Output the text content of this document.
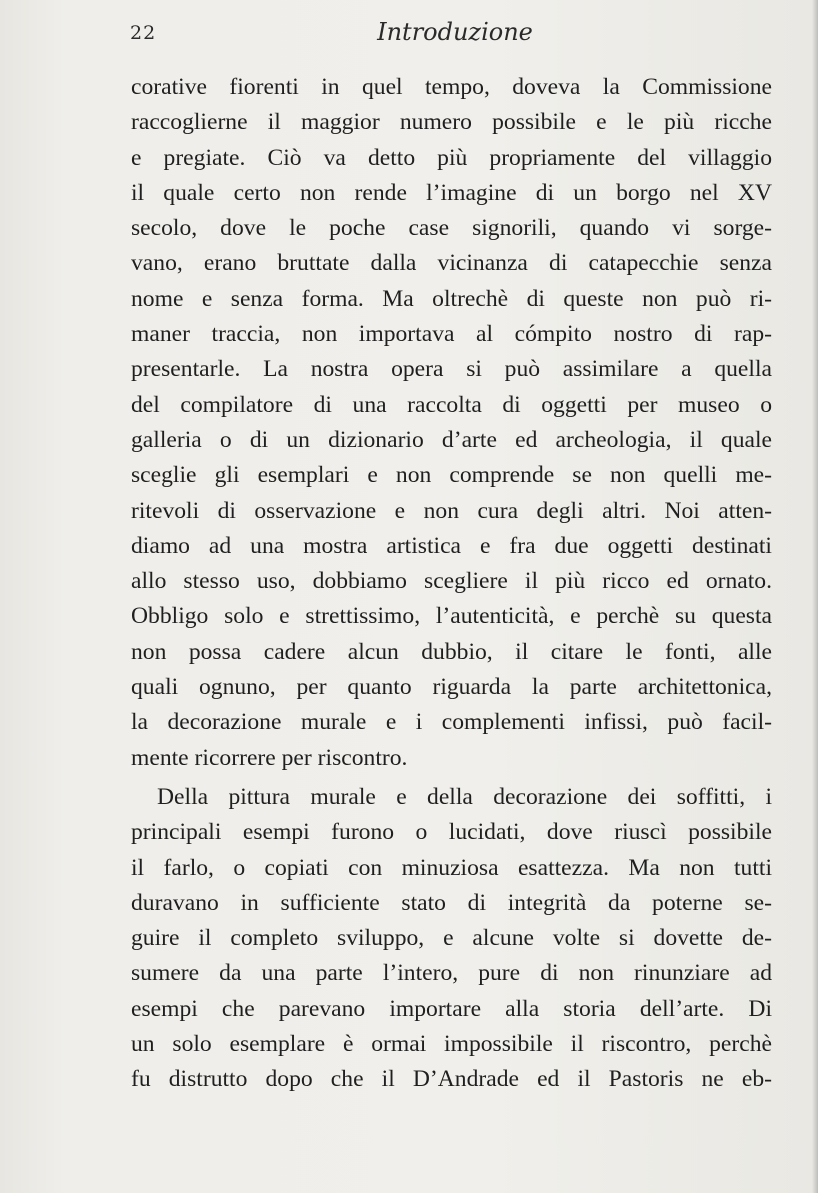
22	Introduzione
corative fiorenti in quel tempo, doveva la Commissione
raccoglierne il maggior numero possibile e le più ricche
e pregiate. Ciò va detto più propriamente del villaggio
il quale certo non rende l’imagine di un borgo nel XV
secolo, dove le poche case signorili, quando vi sorge-
vano, erano bruttate dalla vicinanza di catapecchie senza
nome e senza forma. Ma oltrechè di queste non può ri-
maner traccia, non importava al cómpito nostro di rap-
presentarle. La nostra opera si può assimilare a quella
del compilatore di una raccolta di oggetti per museo o
galleria o di un dizionario d’arte ed archeologia, il quale
sceglie gli esemplari e non comprende se non quelli me-
ritevoli di osservazione e non cura degli altri. Noi atten-
diamo ad una mostra artistica e fra due oggetti destinati
allo stesso uso, dobbiamo scegliere il più ricco ed ornato.
Obbligo solo e strettissimo, l’autenticità, e perchè su questa
non possa cadere alcun dubbio, il citare le fonti, alle
quali ognuno, per quanto riguarda la parte architettonica,
la decorazione murale e i complementi infissi, può facil-
mente ricorrere per riscontro.
Della pittura murale e della decorazione dei soffitti, i
principali esempi furono o lucidati, dove riuscì possibile
il farlo, o copiati con minuziosa esattezza. Ma non tutti
duravano in sufficiente stato di integrità da poterne se-
guire il completo sviluppo, e alcune volte si dovette de-
sumere da una parte l’intero, pure di non rinunziare ad
esempi che parevano importare alla storia dell’arte. Di
un solo esemplare è ormai impossibile il riscontro, perchè
fu distrutto dopo che il D’Andrade ed il Pastoris ne eb-
